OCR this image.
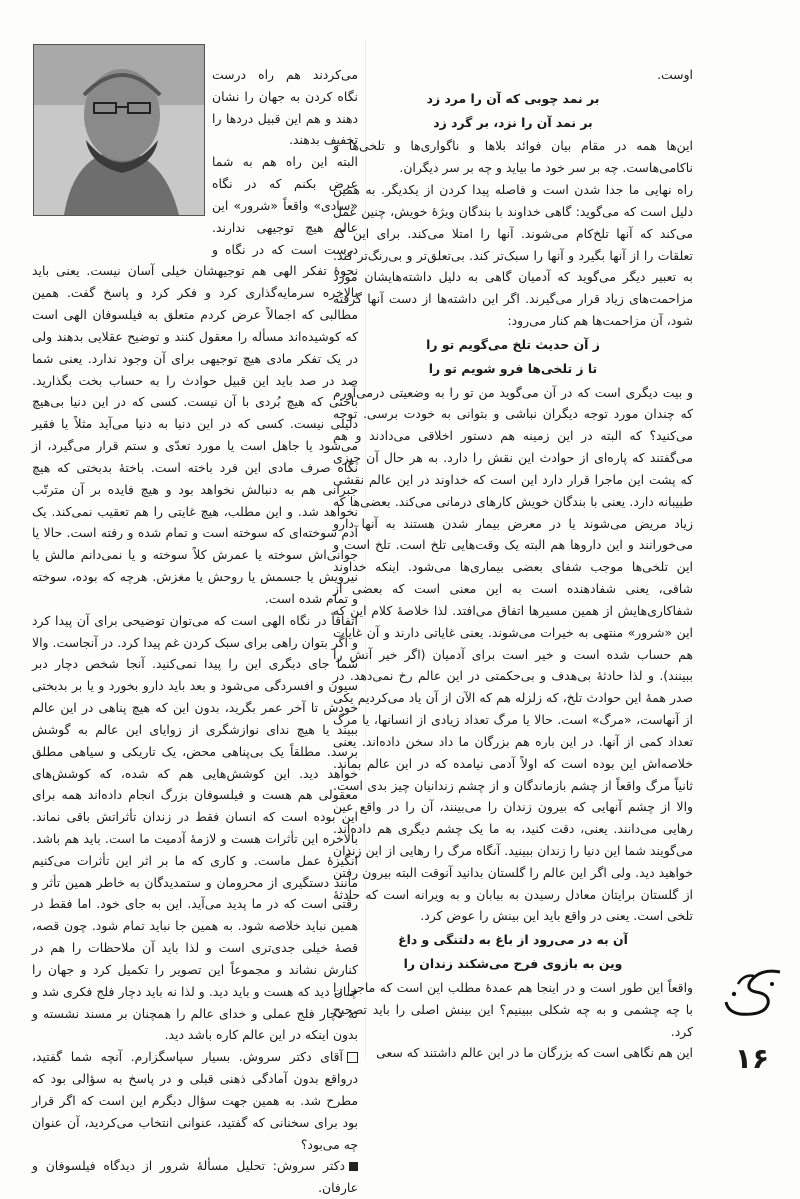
اوست.

بر نمد چوبی که آن را مرد زد

بر نمد آن را نزد، بر گرد زد

این‌ها همه در مقام بیان فوائد بلاها و ناگواری‌ها و تلخی‌ها و ناکامی‌هاست. چه بر سر خود ما بیاید و چه بر سر دیگران.

راه نهایی ما جدا شدن است و فاصله پیدا کردن از یکدیگر. به همین دلیل است که می‌گوید: گاهی خداوند با بندگان ویژهٔ خویش، چنین عمل می‌کند که آنها تلخ‌کام می‌شوند. آنها را امتلا می‌کند. برای این که تعلقات را از آنها بگیرد و آنها را سبک‌تر کند. بی‌تعلق‌تر و بی‌رنگ‌تر کند. به تعبیر دیگر می‌گوید که آدمیان گاهی به دلیل داشته‌هایشان مورد مزاحمت‌های زیاد قرار می‌گیرند. اگر این داشته‌ها از دست آنها گرفته شود، آن مزاحمت‌ها هم کنار می‌رود:

ز آن حدیث تلخ می‌گویم تو را

تا ز تلخی‌ها فرو شویم تو را

و بیت دیگری است که در آن می‌گوید من تو را به وضعیتی درمی‌آورم که چندان مورد توجه دیگران نباشی و بتوانی به خودت برسی. توجه می‌کنید؟ که البته در این زمینه هم دستور اخلاقی می‌دادند و هم می‌گفتند که پاره‌ای از حوادث این نقش را دارد. به هر حال آن چیزی که پشت این ماجرا قرار دارد این است که خداوند در این عالم نقشی طبیبانه دارد. یعنی با بندگان خویش کارهای درمانی می‌کند. بعضی‌ها که زیاد مریض می‌شوند یا در معرض بیمار شدن هستند به آنها دارو می‌خورانند و این داروها هم البته یک وقت‌هایی تلخ است. تلخ است و این تلخی‌ها موجب شفای بعضی بیماری‌ها می‌شود. اینکه خداوند شافی، یعنی شفادهنده است به این معنی است که بعضی از شفاکاری‌هایش از همین مسیرها اتفاق می‌افتد. لذا خلاصهٔ کلام این که این «شرور» منتهی به خیرات می‌شوند. یعنی غایاتی دارند و آن غایات هم حساب شده است و خیر است برای آدمیان (اگر خیر آنش را ببینند). و لذا حادثهٔ بی‌هدف و بی‌حکمتی در این عالم رخ نمی‌دهد. در صدر همهٔ این حوادث تلخ، که زلزله هم که الآن از آن یاد می‌کردیم یکی از آنهاست، «مرگ» است. حالا یا مرگ تعداد زیادی از انسانها، یا مرگ تعداد کمی از آنها. در این باره هم بزرگان ما داد سخن داده‌اند. یعنی خلاصه‌اش این بوده است که اولاً آدمی نیامده که در این عالم بماند. ثانیاً مرگ واقعاً از چشم بازماندگان و از چشم زندانیان چیز بدی است. والا از چشم آنهایی که بیرون زندان را می‌بینند، آن را در واقع عین رهایی می‌دانند. یعنی، دقت کنید، به ما یک چشم دیگری هم داده‌اند. می‌گویند شما این دنیا را زندان ببینید. آنگاه مرگ را رهایی از این زندان خواهید دید. ولی اگر این عالم را گلستان بدانید آنوقت البته بیرون رفتن از گلستان برایتان معادل رسیدن به بیابان و به ویرانه است که حادثهٔ تلخی است. یعنی در واقع باید این بینش را عوض کرد.

آن به در می‌رود از باغ به دلتنگی و داغ

وین به بازوی فرح می‌شکند زندان را

واقعاً این طور است و در اینجا هم عمدهٔ مطلب این است که ماجرا را با چه چشمی و به چه شکلی ببینیم؟ این بینش اصلی را باید تصحیح کرد.

این هم نگاهی است که بزرگان ما در این عالم داشتند که سعی

می‌کردند هم راه درست نگاه کردن به جهان را نشان دهند و هم این قبیل دردها را تخفیف بدهند.

البته این راه هم به شما عرض بکنم که در نگاه «سادی» واقعاً «شرور» این عالم هیچ توجیهی ندارند. درست است که در نگاه و نحوهٔ تفکر الهی هم توجیهشان خیلی آسان نیست. یعنی باید بالاخره سرمایه‌گذاری کرد و فکر کرد و پاسخ گفت. همین مطالبی که اجمالاً عرض کردم متعلق به فیلسوفان الهی است که کوشیده‌اند مسأله را معقول کنند و توضیح عقلایی بدهند ولی در یک تفکر مادی هیچ توجیهی برای آن وجود ندارد. یعنی شما صد در صد باید این قبیل حوادث را به حساب بخت بگذارید. باختی که هیچ بُردی با آن نیست. کسی که در این دنیا بی‌هیچ دلیلی نیست. کسی که در این دنیا به دنیا می‌آید مثلاً یا فقیر می‌شود یا جاهل است یا مورد تعدّی و ستم قرار می‌گیرد، از نگاه صرف مادی این فرد باخته است. باختهٔ بدبختی که هیچ جبرانی هم به دنبالش نخواهد بود و هیچ فایده بر آن مترتّب نخواهد شد. و این مطلب، هیچ غایتی را هم تعقیب نمی‌کند. یک آدم سوخته‌ای که سوخته است و تمام شده و رفته است. حالا یا جوانی‌اش سوخته یا عمرش کلاً سوخته و یا نمی‌دانم مالش یا نیرویش یا جسمش یا روحش یا مغزش. هرچه که بوده، سوخته و تمام شده است.

اتفاقاً در نگاه الهی است که می‌توان توضیحی برای آن پیدا کرد و اگر بتوان راهی برای سبک کردن غم پیدا کرد. در آنجاست. والا شما جای دیگری این را پیدا نمی‌کنید. آنجا شخص دچار دبر سیون و افسردگی می‌شود و بعد باید دارو بخورد و یا بر بدبختی خودش تا آخر عمر بگرید، بدون این که هیچ پناهی در این عالم ببیند یا هیچ ندای نوازشگری از زوایای این عالم به گوشش برسد. مطلقاً یک بی‌پناهی محض، یک تاریکی و سیاهی مطلق خواهد دید. این کوشش‌هایی هم که شده، که کوشش‌های معقولی هم هست و فیلسوفان بزرگ انجام داده‌اند همه برای این بوده است که انسان فقط در زندان تأثراتش باقی نماند. بالاخره این تأثرات هست و لازمهٔ آدمیت ما است. باید هم باشد. انگیزهٔ عمل ماست. و کاری که ما بر اثر این تأثرات می‌کنیم مانند دستگیری از محرومان و ستمدیدگان به خاطر همین تأثر و رقّتی است که در ما پدید می‌آید. این به جای خود. اما فقط در همین نباید خلاصه شود. به همین جا نباید تمام شود. چون قصه، قصهٔ خیلی جدی‌تری است و لذا باید آن ملاحظات را هم در کنارش نشاند و مجموعاً این تصویر را تکمیل کرد و جهان را چنان دید که هست و باید دید. و لذا نه باید دچار فلج فکری شد و نه دچار فلج عملی و خدای عالم را همچنان بر مسند نشسته و بدون اینکه در این عالم کاره باشد دید.

آقای دکتر سروش. بسیار سپاسگزارم. آنچه شما گفتید، درواقع بدون آمادگی ذهنی قبلی و در پاسخ به سؤالی بود که مطرح شد. به همین جهت سؤال دیگرم این است که اگر قرار بود برای سخنانی که گفتید، عنوانی انتخاب می‌کردید، آن عنوان چه می‌بود؟

دکتر سروش: تحلیل مسألهٔ شرور از دیدگاه فیلسوفان و عارفان.

۱۶
